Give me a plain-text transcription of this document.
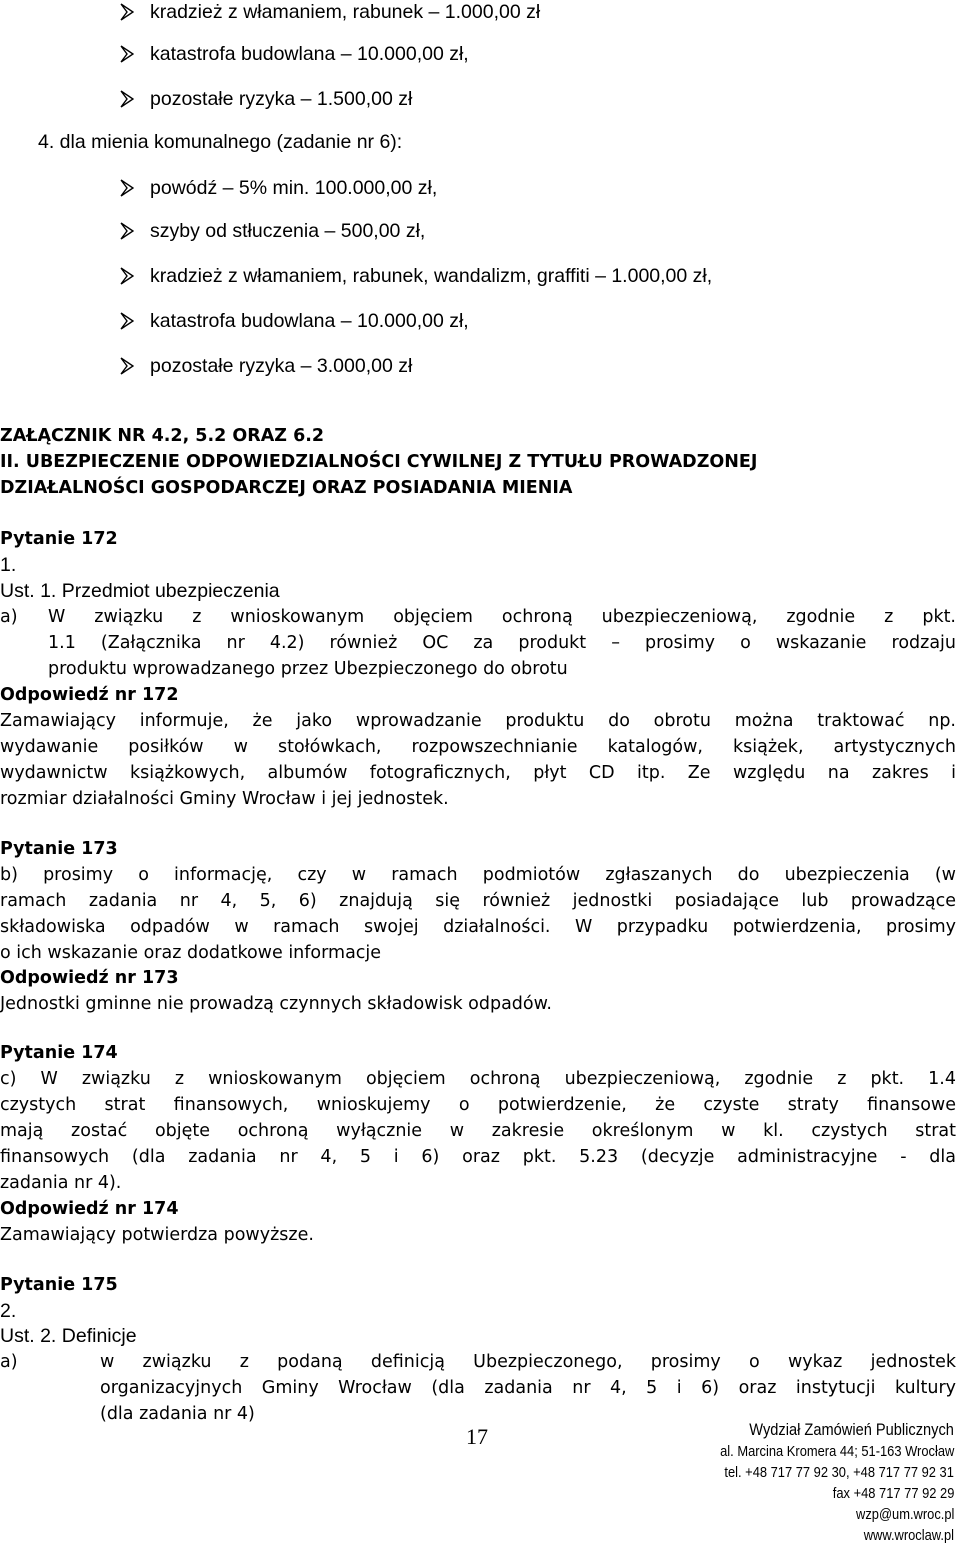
kradzież z włamaniem, rabunek – 1.000,00 zł
katastrofa budowlana – 10.000,00 zł,
pozostałe ryzyka – 1.500,00 zł
4. dla mienia komunalnego (zadanie nr 6):
powódź – 5% min. 100.000,00 zł,
szyby od stłuczenia – 500,00 zł,
kradzież z włamaniem, rabunek, wandalizm, graffiti – 1.000,00 zł,
katastrofa budowlana – 10.000,00 zł,
pozostałe ryzyka – 3.000,00 zł
ZAŁĄCZNIK NR 4.2, 5.2 ORAZ 6.2
II. UBEZPIECZENIE ODPOWIEDZIALNOŚCI CYWILNEJ Z TYTUŁU PROWADZONEJ
DZIAŁALNOŚCI GOSPODARCZEJ ORAZ POSIADANIA MIENIA
Pytanie 172
1.
Ust. 1. Przedmiot ubezpieczenia
a) W związku z wnioskowanym objęciem ochroną ubezpieczeniową, zgodnie z pkt.
1.1 (Załącznika nr 4.2) również OC za produkt – prosimy o wskazanie rodzaju
produktu wprowadzanego przez Ubezpieczonego do obrotu
Odpowiedź nr 172
Zamawiający informuje, że jako wprowadzanie produktu do obrotu można traktować np.
wydawanie posiłków w stołówkach, rozpowszechnianie katalogów, książek, artystycznych
wydawnictw książkowych, albumów fotograficznych, płyt CD itp. Ze względu na zakres i
rozmiar działalności Gminy Wrocław i jej jednostek.
Pytanie 173
b) prosimy o informację, czy w ramach podmiotów zgłaszanych do ubezpieczenia (w
ramach zadania nr 4, 5, 6) znajdują się również jednostki posiadające lub prowadzące
składowiska odpadów w ramach swojej działalności. W przypadku potwierdzenia, prosimy
o ich wskazanie oraz dodatkowe informacje
Odpowiedź nr 173
Jednostki gminne nie prowadzą czynnych składowisk odpadów.
Pytanie 174
c) W związku z wnioskowanym objęciem ochroną ubezpieczeniową, zgodnie z pkt. 1.4
czystych strat finansowych, wnioskujemy o potwierdzenie, że czyste straty finansowe
mają zostać objęte ochroną wyłącznie w zakresie określonym w kl. czystych strat
finansowych (dla zadania nr 4, 5 i 6) oraz pkt. 5.23 (decyzje administracyjne - dla
zadania nr 4).
Odpowiedź nr 174
Zamawiający potwierdza powyższe.
Pytanie 175
2.
Ust. 2. Definicje
a)	w związku z podaną definicją Ubezpieczonego, prosimy o wykaz jednostek
organizacyjnych Gminy Wrocław (dla zadania nr 4, 5 i 6) oraz instytucji kultury
(dla zadania nr 4)
17	Wydział Zamówień Publicznych
al. Marcina Kromera 44; 51-163 Wrocław
tel. +48 717 77 92 30, +48 717 77 92 31
fax +48 717 77 92 29
wzp@um.wroc.pl
www.wroclaw.pl
